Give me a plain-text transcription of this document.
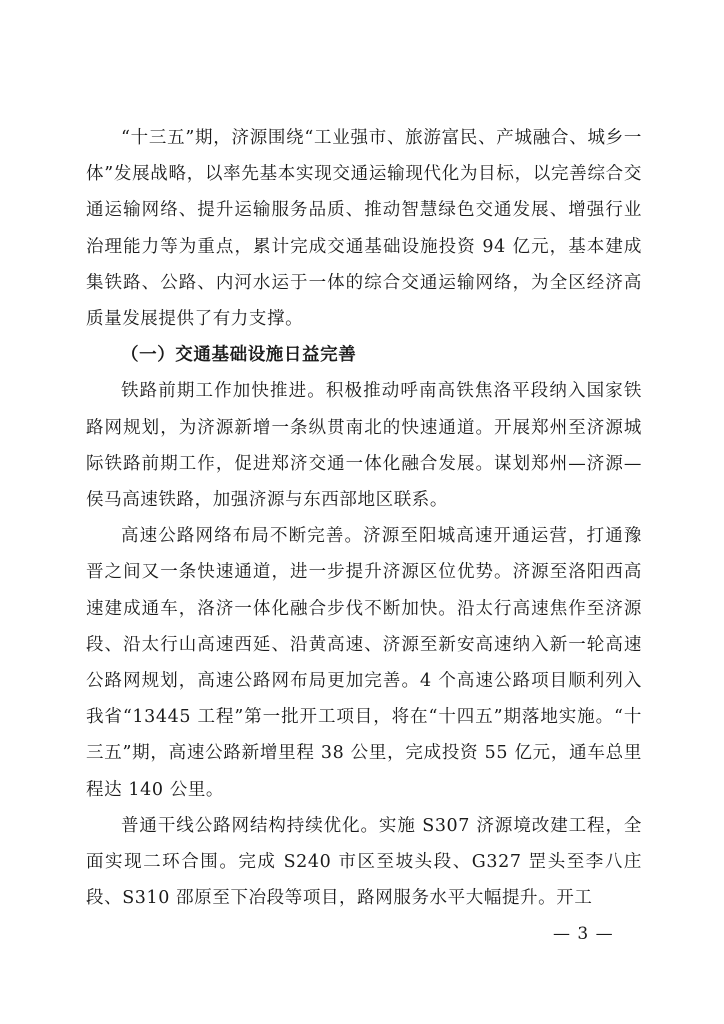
“十三五”期，济源围绕“工业强市、旅游富民、产城融合、城乡一体”发展战略，以率先基本实现交通运输现代化为目标，以完善综合交通运输网络、提升运输服务品质、推动智慧绿色交通发展、增强行业治理能力等为重点，累计完成交通基础设施投资 94 亿元，基本建成集铁路、公路、内河水运于一体的综合交通运输网络，为全区经济高质量发展提供了有力支撑。

（一）交通基础设施日益完善

铁路前期工作加快推进。积极推动呼南高铁焦洛平段纳入国家铁路网规划，为济源新增一条纵贯南北的快速通道。开展郑州至济源城际铁路前期工作，促进郑济交通一体化融合发展。谋划郑州—济源—侯马高速铁路，加强济源与东西部地区联系。

高速公路网络布局不断完善。济源至阳城高速开通运营，打通豫晋之间又一条快速通道，进一步提升济源区位优势。济源至洛阳西高速建成通车，洛济一体化融合步伐不断加快。沿太行高速焦作至济源段、沿太行山高速西延、沿黄高速、济源至新安高速纳入新一轮高速公路网规划，高速公路网布局更加完善。4 个高速公路项目顺利列入我省“13445 工程”第一批开工项目，将在“十四五”期落地实施。“十三五”期，高速公路新增里程 38 公里，完成投资 55 亿元，通车总里程达 140 公里。

普通干线公路网结构持续优化。实施 S307 济源境改建工程，全面实现二环合围。完成 S240 市区至坡头段、G327 罡头至李八庄段、S310 邵原至下冶段等项目，路网服务水平大幅提升。开工

— 3 —
